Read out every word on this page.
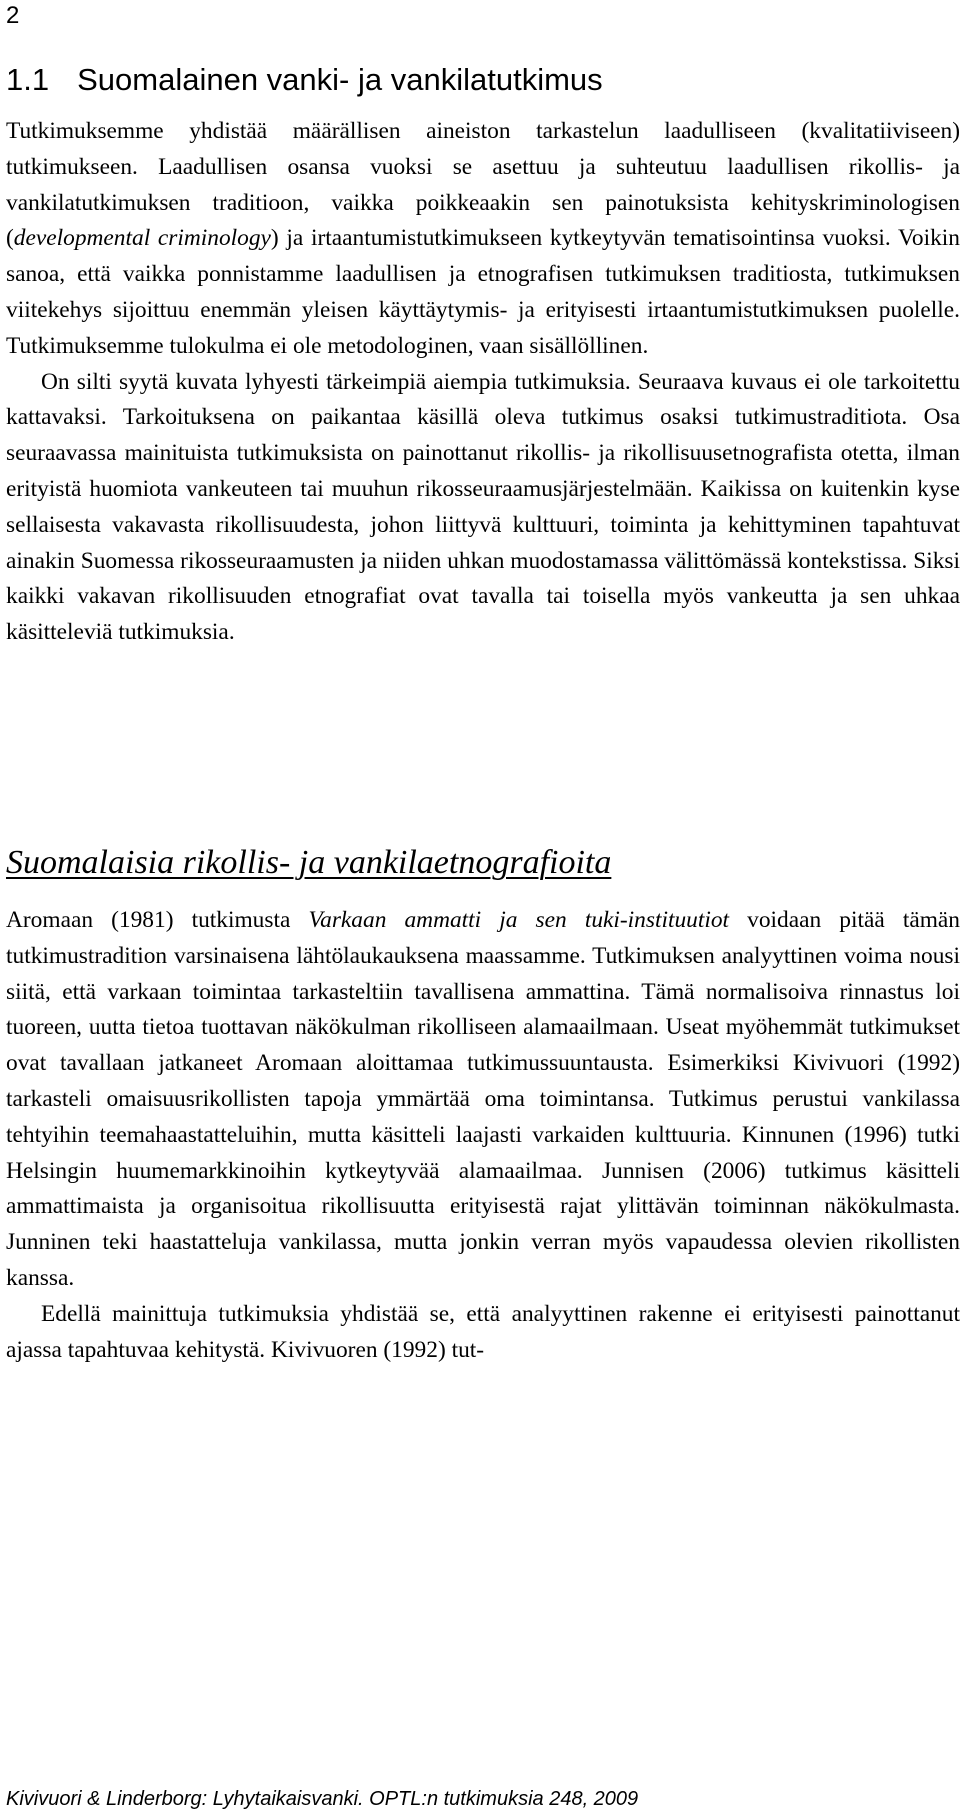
2
1.1 Suomalainen vanki- ja vankilatutkimus

Tutkimuksemme yhdistää määrällisen aineiston tarkastelun laadulliseen (kvalitatiiviseen) tutkimukseen. Laadullisen osansa vuoksi se asettuu ja suhteutuu laadullisen rikollis- ja vankilatutkimuksen traditioon, vaikka poikkeaakin sen painotuksista kehityskriminologisen (developmental criminology) ja irtaantumistutkimukseen kytkeytyvän tematisointinsa vuoksi. Voikin sanoa, että vaikka ponnistamme laadullisen ja etnografisen tutkimuksen traditiosta, tutkimuksen viitekehys sijoittuu enemmän yleisen käyttäytymis- ja erityisesti irtaantumistutkimuksen puolelle. Tutkimuksemme tulokulma ei ole metodologinen, vaan sisällöllinen.

On silti syytä kuvata lyhyesti tärkeimpiä aiempia tutkimuksia. Seuraava kuvaus ei ole tarkoitettu kattavaksi. Tarkoituksena on paikantaa käsillä oleva tutkimus osaksi tutkimustraditiota. Osa seuraavassa mainituista tutkimuksista on painottanut rikollis- ja rikollisuusetnografista otetta, ilman erityistä huomiota vankeuteen tai muuhun rikosseuraamusjärjestelmään. Kaikissa on kuitenkin kyse sellaisesta vakavasta rikollisuudesta, johon liittyvä kulttuuri, toiminta ja kehittyminen tapahtuvat ainakin Suomessa rikosseuraamusten ja niiden uhkan muodostamassa välittömässä kontekstissa. Siksi kaikki vakavan rikollisuuden etnografiat ovat tavalla tai toisella myös vankeutta ja sen uhkaa käsitteleviä tutkimuksia.

Suomalaisia rikollis- ja vankilaetnografioita

Aromaan (1981) tutkimusta Varkaan ammatti ja sen tuki-instituutiot voidaan pitää tämän tutkimustradition varsinaisena lähtölaukauksena maassamme. Tutkimuksen analyyttinen voima nousi siitä, että varkaan toimintaa tarkasteltiin tavallisena ammattina. Tämä normalisoiva rinnastus loi tuoreen, uutta tietoa tuottavan näkökulman rikolliseen alamaailmaan. Useat myöhemmät tutkimukset ovat tavallaan jatkaneet Aromaan aloittamaa tutkimussuuntausta. Esimerkiksi Kivivuori (1992) tarkasteli omaisuusrikollisten tapoja ymmärtää oma toimintansa. Tutkimus perustui vankilassa tehtyihin teemahaastatteluihin, mutta käsitteli laajasti varkaiden kulttuuria. Kinnunen (1996) tutki Helsingin huumemarkkinoihin kytkeytyvää alamaailmaa. Junnisen (2006) tutkimus käsitteli ammattimaista ja organisoitua rikollisuutta erityisestä rajat ylittävän toiminnan näkökulmasta. Junninen teki haastatteluja vankilassa, mutta jonkin verran myös vapaudessa olevien rikollisten kanssa.

Edellä mainittuja tutkimuksia yhdistää se, että analyyttinen rakenne ei erityisesti painottanut ajassa tapahtuvaa kehitystä. Kivivuoren (1992) tut-

Kivivuori & Linderborg: Lyhytaikaisvanki. OPTL:n tutkimuksia 248, 2009
